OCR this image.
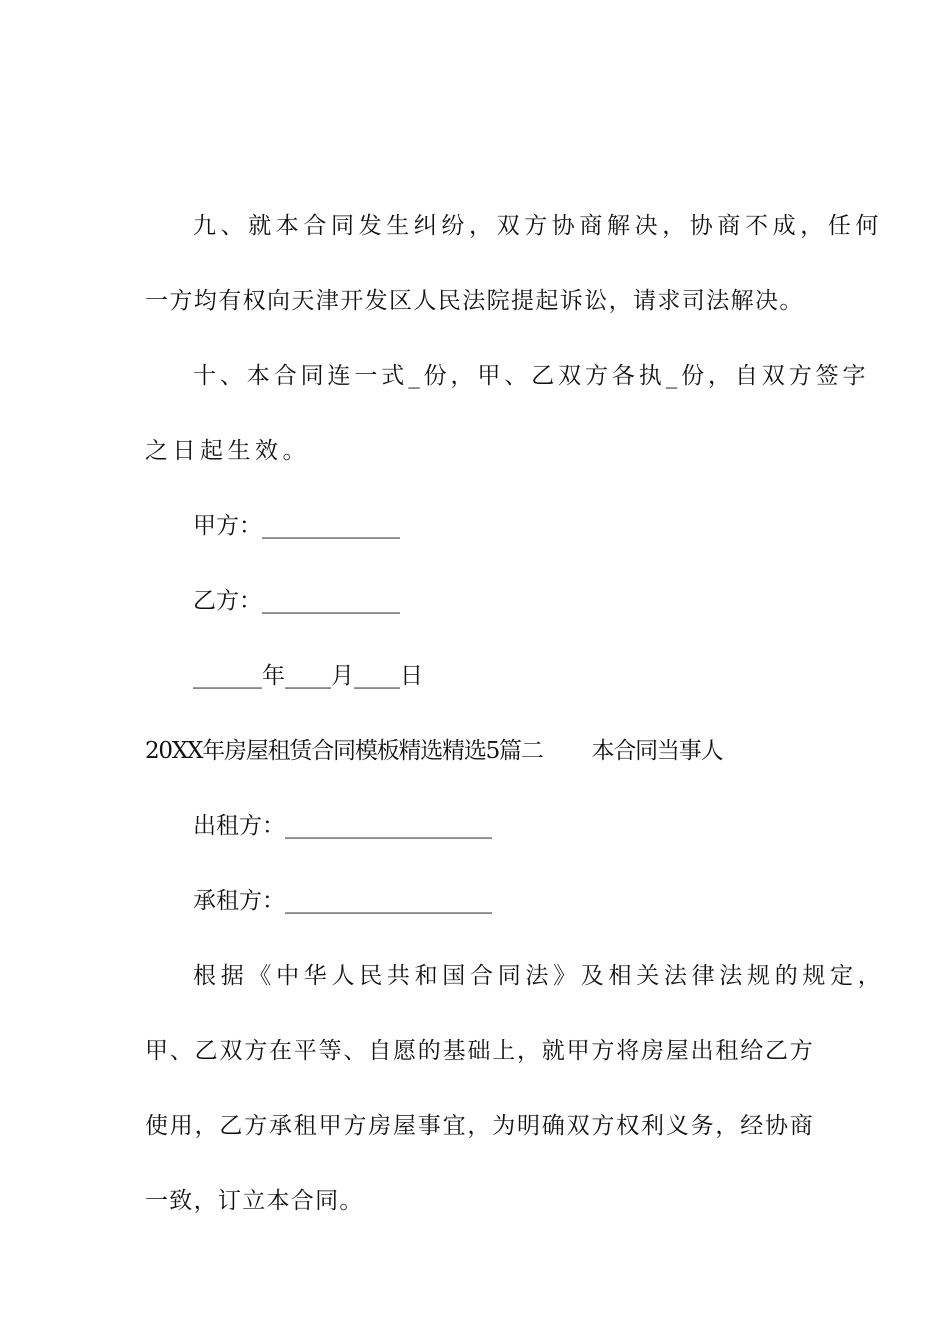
九、就本合同发生纠纷，双方协商解决，协商不成，任何
一方均有权向天津开发区人民法院提起诉讼，请求司法解决。
十、本合同连一式_份，甲、乙双方各执_份，自双方签字
之日起生效。
甲方：____________
乙方：____________
______年____月____日
20XX年房屋租赁合同模板精选精选5篇二        本合同当事人
出租方：__________________
承租方：__________________
根据《中华人民共和国合同法》及相关法律法规的规定，
甲、乙双方在平等、自愿的基础上，就甲方将房屋出租给乙方
使用，乙方承租甲方房屋事宜，为明确双方权利义务，经协商
一致，订立本合同。
